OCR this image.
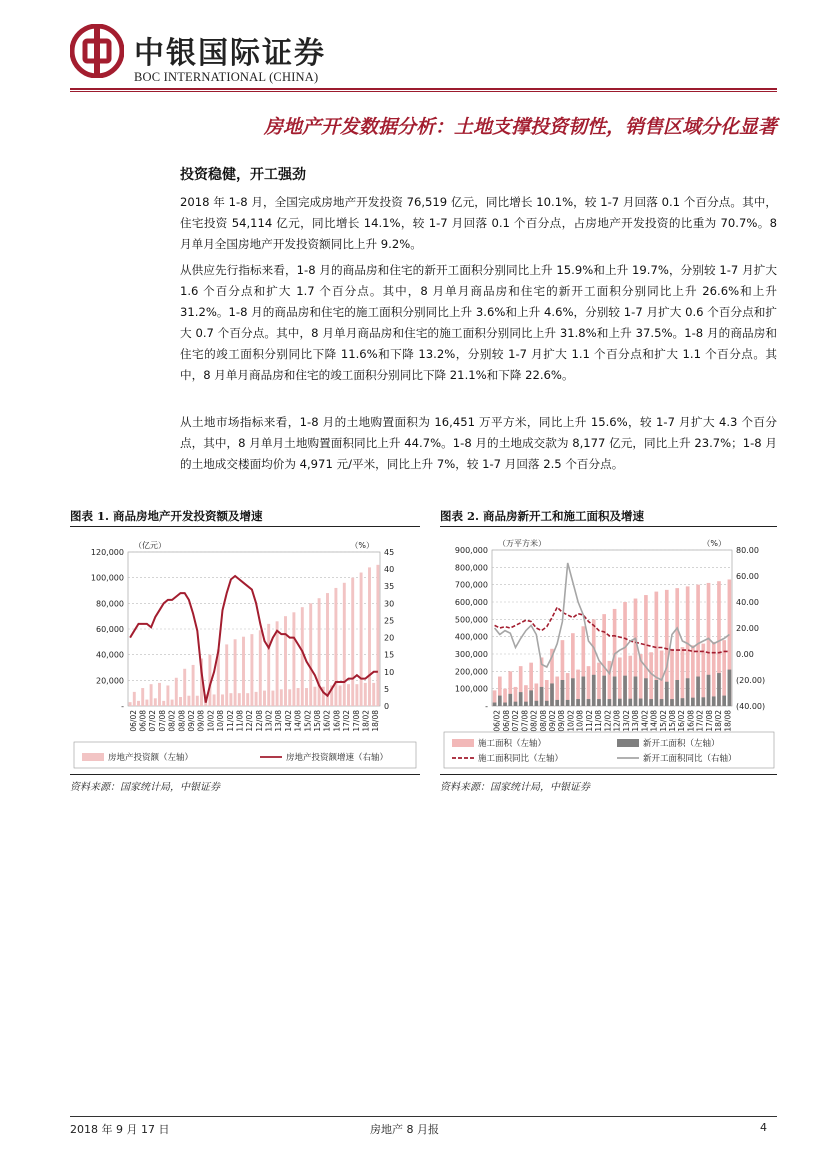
中银国际证券
BOC INTERNATIONAL (CHINA)
房地产开发数据分析：土地支撑投资韧性，销售区域分化显著
投资稳健，开工强劲
2018 年 1-8 月，全国完成房地产开发投资 76,519 亿元，同比增长 10.1%，较 1-7 月回落 0.1 个百分点。其中，住宅投资 54,114 亿元，同比增长 14.1%，较 1-7 月回落 0.1 个百分点，占房地产开发投资的比重为 70.7%。8 月单月全国房地产开发投资额同比上升 9.2%。
从供应先行指标来看，1-8 月的商品房和住宅的新开工面积分别同比上升 15.9%和上升 19.7%，分别较 1-7 月扩大 1.6 个百分点和扩大 1.7 个百分点。其中，8 月单月商品房和住宅的新开工面积分别同比上升 26.6%和上升 31.2%。1-8 月的商品房和住宅的施工面积分别同比上升 3.6%和上升 4.6%，分别较 1-7 月扩大 0.6 个百分点和扩大 0.7 个百分点。其中，8 月单月商品房和住宅的施工面积分别同比上升 31.8%和上升 37.5%。1-8 月的商品房和住宅的竣工面积分别同比下降 11.6%和下降 13.2%，分别较 1-7 月扩大 1.1 个百分点和扩大 1.1 个百分点。其中，8 月单月商品房和住宅的竣工面积分别同比下降 21.1%和下降 22.6%。
从土地市场指标来看，1-8 月的土地购置面积为 16,451 万平方米，同比上升 15.6%，较 1-7 月扩大 4.3 个百分点，其中，8 月单月土地购置面积同比上升 44.7%。1-8 月的土地成交款为 8,177 亿元，同比上升 23.7%；1-8 月的土地成交楼面均价为 4,971 元/平米，同比上升 7%，较 1-7 月回落 2.5 个百分点。
图表 1. 商品房地产开发投资额及增速
120,000
100,000
80,000
60,000
40,000
20,000
-
45
40
35
30
25
20
15
10
5
0
（亿元）	（%）
06/02 06/08 07/02 07/08 08/02 08/08 09/02 09/08 10/02 10/08 11/02 11/08 12/02 12/08 13/02 13/08 14/02 14/08 15/02 15/08 16/02 16/08 17/02 17/08 18/02 18/08
房地产投资额（左轴）	房地产投资额增速（右轴）
资料来源：国家统计局，中银证券
图表 2. 商品房新开工和施工面积及增速
900,000
800,000
700,000
600,000
500,000
400,000
300,000
200,000
100,000
-
80.00
60.00
40.00
20.00
0.00
(20.00)
(40.00)
（万平方米）	（%）
06/02 06/08 07/02 07/08 08/02 08/08 09/02 09/08 10/02 10/08 11/02 11/08 12/02 12/08 13/02 13/08 14/02 14/08 15/02 15/08 16/02 16/08 17/02 17/08 18/02 18/08
施工面积（左轴）	新开工面积（左轴）
施工面积同比（左轴）	新开工面积同比（右轴）
资料来源：国家统计局，中银证券
2018 年 9 月 17 日	房地产 8 月报	4
